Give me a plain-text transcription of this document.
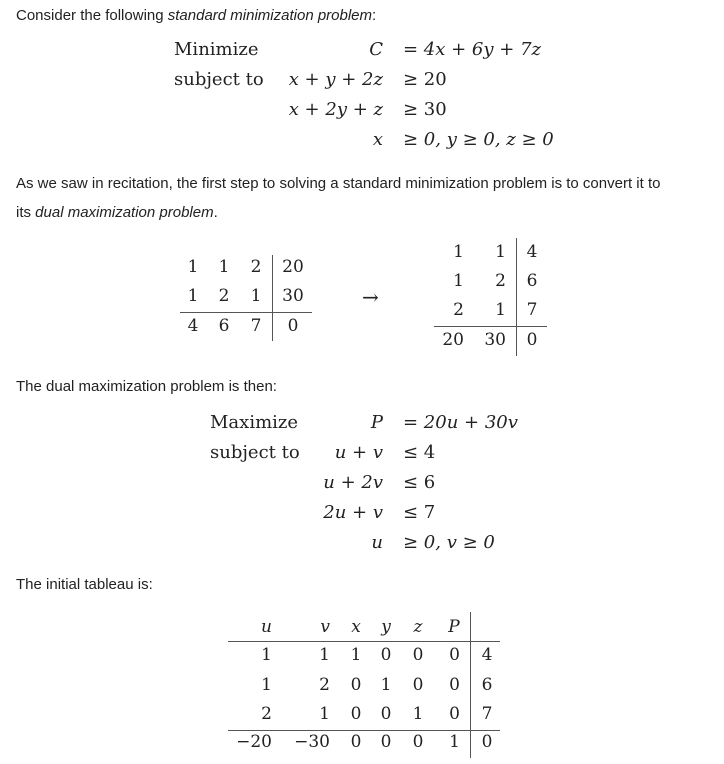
Consider the following standard minimization problem:

Minimize
subject to
C = 4x + 6y + 7z
x + y + 2z ≥ 20
x + 2y + z ≥ 30
x ≥ 0, y ≥ 0, z ≥ 0

As we saw in recitation, the first step to solving a standard minimization problem is to convert it to
its dual maximization problem.

1 1 2 20
1 2 1 30
4 6 7	0
→
1	1	4
1	2	6
2	1	7
20	30	0

The dual maximization problem is then:

Maximize
subject to
P = 20u + 30v
u + v ≤ 4
u + 2v ≤ 6
2u + v ≤ 7
u ≥ 0, v ≥ 0

The initial tableau is:

u	v	x	y	z	P
1	1 1 0 0	0	4
1	2 0 1 0	0	6
2	1 0 0 1	0	7
−20	−30 0 0 0	1	0
